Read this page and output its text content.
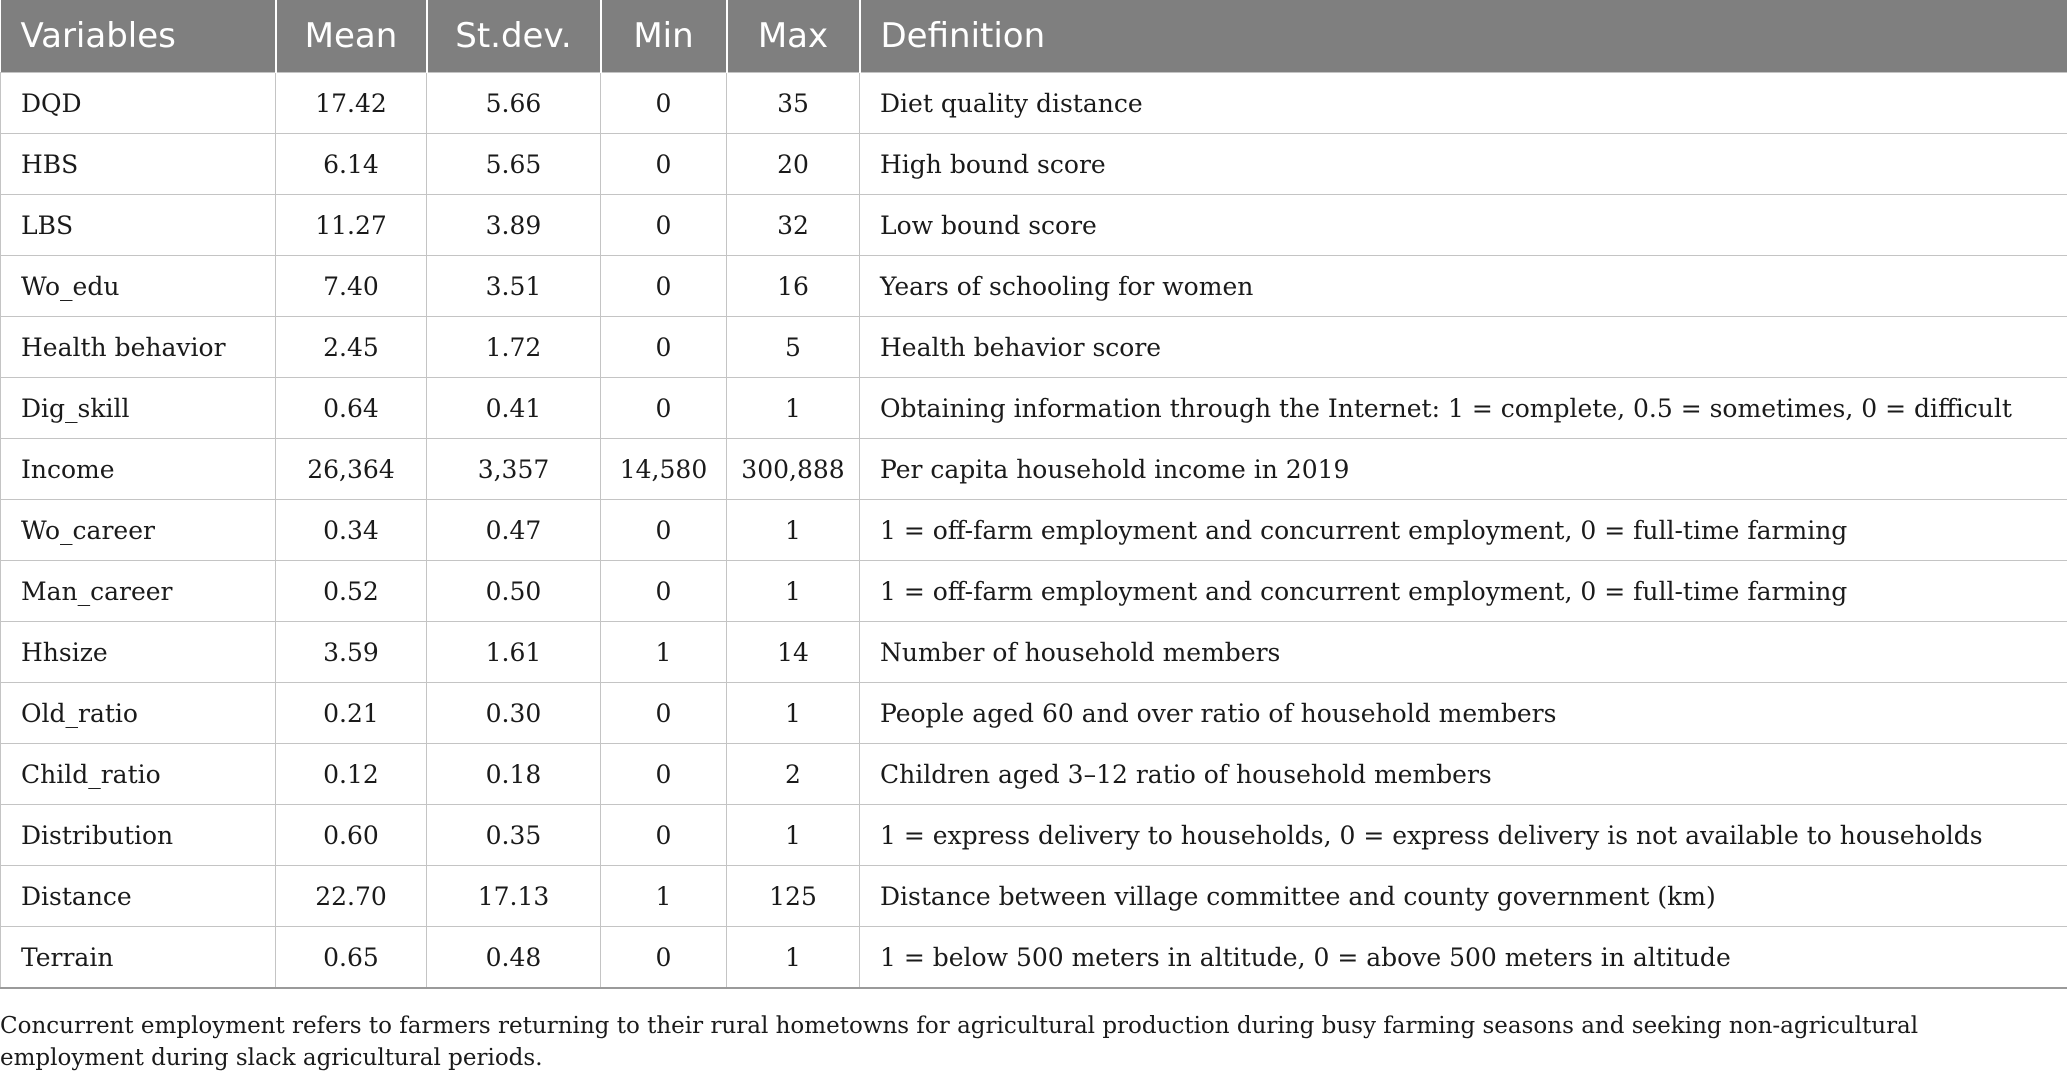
Variables	Mean	St.dev.	Min	Max	Definition
DQD	17.42	5.66	0	35	Diet quality distance
HBS	6.14	5.65	0	20	High bound score
LBS	11.27	3.89	0	32	Low bound score
Wo_edu	7.40	3.51	0	16	Years of schooling for women
Health behavior	2.45	1.72	0	5	Health behavior score
Dig_skill	0.64	0.41	0	1	Obtaining information through the Internet: 1 = complete, 0.5 = sometimes, 0 = difficult
Income	26,364	3,357	14,580	300,888	Per capita household income in 2019
Wo_career	0.34	0.47	0	1	1 = off-farm employment and concurrent employment, 0 = full-time farming
Man_career	0.52	0.50	0	1	1 = off-farm employment and concurrent employment, 0 = full-time farming
Hhsize	3.59	1.61	1	14	Number of household members
Old_ratio	0.21	0.30	0	1	People aged 60 and over ratio of household members
Child_ratio	0.12	0.18	0	2	Children aged 3–12 ratio of household members
Distribution	0.60	0.35	0	1	1 = express delivery to households, 0 = express delivery is not available to households
Distance	22.70	17.13	1	125	Distance between village committee and county government (km)
Terrain	0.65	0.48	0	1	1 = below 500 meters in altitude, 0 = above 500 meters in altitude
Concurrent employment refers to farmers returning to their rural hometowns for agricultural production during busy farming seasons and seeking non-agricultural employment during slack agricultural periods.
